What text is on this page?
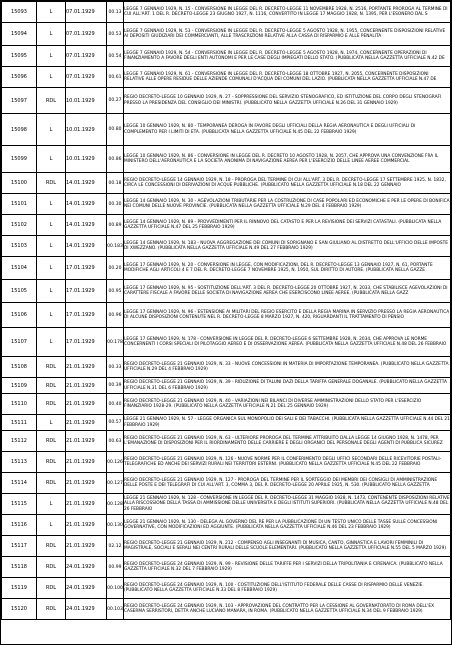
15093	L	07.01.1929	00.13	LEGGE 7 GENNAIO 1929, N. 15 - CONVERSIONE IN LEGGE DEL R. DECRETO-LEGGE 11 NOVEMBRE 1928, N. 2516, PORTANTE PROROGA AL TERMINE DI CUI ALL'ART. 1 DEL R. DECRETO-LEGGE 23 GIUGNO 1927, N. 1116, CONVERTITO IN LEGGE 17 MAGGIO 1928, N. 1395, PER L'ESONERO DAL S
15094	L	07.01.1929	00.53	LEGGE 7 GENNAIO 1929, N. 53 - CONVERSIONE IN LEGGE DEL R. DECRETO-LEGGE 5 AGOSTO 1928, N. 1955, CONCERNENTE DISPOSIZIONI RELATIVE AI DEPOSITI GIUDIZIARI DEI COMMERCIANTI, ALLE TRASCRIZIONI RELATIVE ALLA CASSA DI RISPARMIO E ALLE PENALITA
15095	L	07.01.1929	00.54	LEGGE 7 GENNAIO 1929, N. 54 - CONVERSIONE IN LEGGE DEL R. DECRETO-LEGGE 5 AGOSTO 1928, N. 1974, CONCERNENTE OPERAZIONI DI FINANZIAMENTO A FAVORE DEGLI ENTI AUTONOMI E PER LE CASE DEGLI IMPIEGATI DELLO STATO. (PUBBLICATA NELLA GAZZETTA UFFICIALE N.42 DE
15096	L	07.01.1929	00.61	LEGGE 7 GENNAIO 1929, N. 61 - CONVERSIONE IN LEGGE DEL R. DECRETO-LEGGE 18 OTTOBRE 1927, N. 2055, CONCERNENTE DISPOSIZIONI RELATIVE ALLE OPERE RESIDUE DELLE AZIENDE COMUNALI D'ACQUA DEI COMUNI DEL LAZIO. (PUBBLICATA NELLA GAZZETTA UFFICIALE N.47 DE
15097	RDL	10.01.1929	00.27	REGIO DECRETO-LEGGE 10 GENNAIO 1929, N. 27 - SOPPRESSIONE DEL SERVIZIO STENOGRAFICO, ED ISTITUZIONE DEL CORPO DEGLI STENOGRAFI PRESSO LA PRESIDENZA DEL CONSIGLIO DEI MINISTRI. (PUBBLICATO NELLA GAZZETTA UFFICIALE N.26 DEL 31 GENNAIO 1929)
15098	L	10.01.1929	00.80	LEGGE 10 GENNAIO 1929, N. 80 - TEMPORANEA DEROGA IN FAVORE DEGLI UFFICIALI DELLA REGIA AERONAUTICA E DEGLI UFFICIALI DI COMPLEMENTO PER I LIMITI DI ETA. (PUBBLICATA NELLA GAZZETTA UFFICIALE N.45 DEL 22 FEBBRAIO 1929)
15099	L	10.01.1929	00.86	LEGGE 10 GENNAIO 1929, N. 86 - CONVERSIONE IN LEGGE DEL R. DECRETO 10 AGOSTO 1928, N. 2057, CHE APPROVA UNA CONVENZIONE FRA IL MINISTERO DELL'AERONAUTICA E LA SOCIETA ANONIMA DI NAVIGAZIONE AEREA PER L'ESERCIZIO DELLE LINEE AEREE COMMERCIAL
15100	RDL	14.01.1929	00.18	REGIO DECRETO-LEGGE 14 GENNAIO 1929, N. 18 - PROROGA DEL TERMINE DI CUI ALL'ART. 3 DEL R. DECRETO-LEGGE 17 SETTEMBRE 1925, N. 1832, CIRCA LE CONCESSIONI DI DERIVAZIONI DI ACQUE PUBBLICHE. (PUBBLICATO NELLA GAZZETTA UFFICIALE N.18 DEL 22 GENNAIO
15101	L	14.01.1929	00.30	LEGGE 14 GENNAIO 1929, N. 30 - AGEVOLAZIONI TRIBUTARIE PER LA COSTRUZIONE DI CASE POPOLARI ED ECONOMICHE E PER LE OPERE DI BONIFICA NEI COMUNI DELLE NUOVE PROVINCIE. (PUBBLICATA NELLA GAZZETTA UFFICIALE N.29 DEL 4 FEBBRAIO 1929)
15102	L	14.01.1929	00.89	LEGGE 14 GENNAIO 1929, N. 89 - PROVVEDIMENTI PER IL RINNOVO DEL CATASTO E PER LA REVISIONE DEI SERVIZI CATASTALI. (PUBBLICATA NELLA GAZZETTA UFFICIALE N.47 DEL 25 FEBBRAIO 1929)
15103	L	14.01.1929	00.183	LEGGE 14 GENNAIO 1929, N. 183 - NUOVA AGGREGAZIONE DEI COMUNI DI SORIGNANO E SAN GIULIANO AL DISTRETTO DELL'UFFICIO DELLE IMPOSTE DI XWEZZANO. (PUBBLICATA NELLA GAZZETTA UFFICIALE N.49 DEL 27 FEBBRAIO 1929)
15104	L	17.01.1929	00.20	LEGGE 17 GENNAIO 1929, N. 20 - CONVERSIONE IN LEGGE, CON MODIFICAZIONI, DEL R. DECRETO-LEGGE 13 GENNAIO 1927, N. 61, PORTANTE MODIFICHE AGLI ARTICOLI 4 E 7 DEL R. DECRETO-LEGGE 7 NOVEMBRE 1925, N. 1950, SUL DIRITTO DI AUTORE. (PUBBLICATA NELLA GAZZE
15105	L	17.01.1929	00.95	LEGGE 17 GENNAIO 1929, N. 95 - SOSTITUZIONE DELL'ART. 3 DEL R. DECRETO-LEGGE 20 OTTOBRE 1927, N. 2033, CHE STABILISCE AGEVOLAZIONI DI CARATTERE FISCALE A FAVORE DELLE SOCIETA DI NAVIGAZIONE AEREA CHE ESERCISCONO LINEE AEREE. (PUBBLICATA NELLA GAZZ
15106	L	17.01.1929	00.96	LEGGE 17 GENNAIO 1929, N. 96 - ESTENSIONE AI MILITARI DEL REGIO ESERCITO E DELLA REGIA MARINA IN SERVIZIO PRESSO LA REGIA AERONAUTICA DI ALCUNE DISPOSIZIONI CONTENUTE NEL R. DECRETO-LEGGE 8 MARZO 1927, N. 420, RIGUARDANTI IL TRATTAMENTO DI PENSIO
15107	L	17.01.1929	00.178	LEGGE 17 GENNAIO 1929, N. 178 - CONVERSIONE IN LEGGE DEL R. DECRETO-LEGGE 6 SETTEMBRE 1928, N. 2034, CHE APPROVA LE NORME CONCERNENTI I CORSI SPECIALI DI PILOTAGGIO AEREO E DI OSSERVAZIONE AEREA. (PUBBLICATA NELLA GAZZETTA UFFICIALE N.48 DEL 26 FEBBRAIO
15108	RDL	21.01.1929	00.33	REGIO DECRETO-LEGGE 21 GENNAIO 1929, N. 33 - NUOVE CONCESSIONI IN MATERIA DI IMPORTAZIONE TEMPORANEA. (PUBBLICATO NELLA GAZZETTA UFFICIALE N.29 DEL 4 FEBBRAIO 1929)
15109	RDL	21.01.1929	00.39	REGIO DECRETO-LEGGE 21 GENNAIO 1929, N. 39 - RIDUZIONE DI TALUNI DAZI DELLA TARIFFA GENERALE DOGANALE. (PUBBLICATO NELLA GAZZETTA UFFICIALE N.31 DEL 6 FEBBRAIO 1929)
15110	RDL	21.01.1929	00.40	REGIO DECRETO-LEGGE 21 GENNAIO 1929, N. 40 - VARIAZIONI NEI BILANCI DI DIVERSE AMMINISTRAZIONI DELLO STATO PER L'ESERCIZIO FINANZIARIO 1928-29. (PUBBLICATO NELLA GAZZETTA UFFICIALE N.21 DEL 25 GENNAIO 1929)
15111	L	21.01.1929	00.57	LEGGE 21 GENNAIO 1929, N. 57 - LEGGE ORGANICA SUL MONOPOLIO DEI SALI E DEI TABACCHI. (PUBBLICATA NELLA GAZZETTA UFFICIALE N.44 DEL 21 FEBBRAIO 1929)
15112	RDL	21.01.1929	00.63	REGIO DECRETO-LEGGE 21 GENNAIO 1929, N. 63 - ULTERIORE PROROGA DEL TERMINE ATTRIBUITO DALLA LEGGE 14 GIUGNO 1928, N. 1478, PER L'EMANAZIONE DI DISPOSIZIONI PER IL RIORDINAMENTO DELLE CARRIERE E DEGLI ORGANICI DEL PERSONALE DEGLI AGENTI DI PUBBLICA SICUREZ
15113	RDL	21.01.1929	00.126	REGIO DECRETO-LEGGE 21 GENNAIO 1929, N. 126 - NUOVE NORME PER IL CONFERIMENTO DEGLI UFFICI SECONDARI DELLE RICEVITORIE POSTALI-TELEGRAFICHE ED ANCHE DEI SERVIZI RURALI NEI TERRITORI ESTERNI. (PUBBLICATO NELLA GAZZETTA UFFICIALE N.45 DEL 22 FEBBRAIO
15114	RDL	21.01.1929	00.127	REGIO DECRETO-LEGGE 21 GENNAIO 1929, N. 127 - PROROGA DEL TERMINE PER IL SORTEGGIO DEI MEMBRI DEI CONSIGLI DI AMMINISTRAZIONE DELLE POSTE E DEI TELEGRAFI DI CUI ALL'ART. 3, COMMA 3, DEL R. DECRETO-LEGGE 20 APRILE 1925, N. 530. (PUBBLICATO NELLA GAZZETTA
15115	L	21.01.1929	00.128	LEGGE 21 GENNAIO 1929, N. 128 - CONVERSIONE IN LEGGE DEL R. DECRETO-LEGGE 31 MAGGIO 1928, N. 1473, CONTENENTE DISPOSIZIONI RELATIVE ALLA RISCOSSIONE DELLA TASSA DI AMMISSIONE DELLE UNIVERSITA E DEGLI ISTITUTI SUPERIORI. (PUBBLICATA NELLA GAZZETTA UFFICIALE N.48 DEL 26 FEBBRAIO
15116	L	21.01.1929	00.130	LEGGE 21 GENNAIO 1929, N. 130 - DELEGA AL GOVERNO DEL RE PER LA PUBBLICAZIONE DI UN TESTO UNICO DELLE TASSE SULLE CONCESSIONI GOVERNATIVE, CON MODIFICAZIONI ED AGGIUNTE. (PUBBLICATA NELLA GAZZETTA UFFICIALE N.46 DEL 23 FEBBRAIO 1929)
15117	RDL	21.01.1929	02.12	REGIO DECRETO-LEGGE 21 GENNAIO 1929, N. 212 - COMPENSO AGLI INSEGNANTI DI MUSICA, CANTO, GINNASTICA E LAVORI FEMMINILI DI MAGISTRALE, SOCIALI E SERALI NEI CENTRI RURALI DELLE SCUOLE ELEMENTARI. (PUBBLICATO NELLA GAZZETTA UFFICIALE N.55 DEL 5 MARZO 1929)
15118	RDL	24.01.1929	00.99	REGIO DECRETO-LEGGE 24 GENNAIO 1929, N. 99 - REVISIONE DELLE TARIFFE PER I SERVIZI DELLA TRIPOLITANIA E CIRENAICA. (PUBBLICATO NELLA GAZZETTA UFFICIALE N.32 DEL 7 FEBBRAIO 1929)
15119	RDL	24.01.1929	00.100	REGIO DECRETO-LEGGE 24 GENNAIO 1929, N. 100 - COSTITUZIONE DELL'ISTITUTO FEDERALE DELLE CASSE DI RISPARMIO DELLE VENEZIE. (PUBBLICATO NELLA GAZZETTA UFFICIALE N.33 DEL 8 FEBBRAIO 1929)
15120	RDL	24.01.1929	00.103	REGIO DECRETO-LEGGE 24 GENNAIO 1929, N. 103 - APPROVAZIONE DEL CONTRATTO PER LA CESSIONE AL GOVERNATORATO DI ROMA DELL'EX CASERMA SERRISTORI, DETTA ANCHE LUCIANO MANARA, IN ROMA. (PUBBLICATO NELLA GAZZETTA UFFICIALE N.34 DEL 9 FEBBRAIO 1929)
